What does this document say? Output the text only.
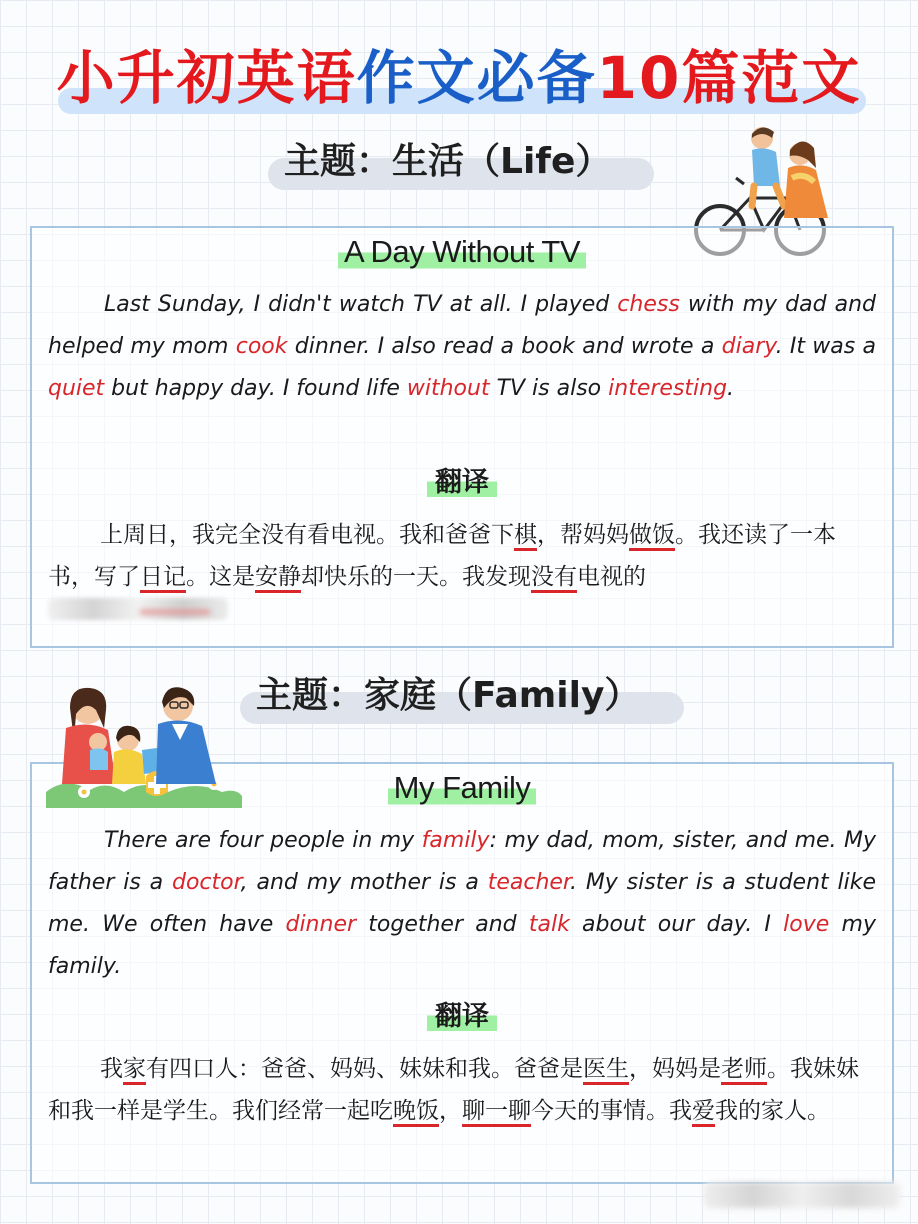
小升初英语作文必备10篇范文
主题：生活（Life）
A Day Without TV

Last Sunday, I didn't watch TV at all. I played chess with my dad and helped my mom cook dinner. I also read a book and wrote a diary. It was a quiet but happy day. I found life without TV is also interesting.

翻译

上周日，我完全没有看电视。我和爸爸下棋，帮妈妈做饭。我还读了一本书，写了日记。这是安静却快乐的一天。我发现没有电视的

主题：家庭（Family）
My Family

There are four people in my family: my dad, mom, sister, and me. My father is a doctor, and my mother is a teacher. My sister is a student like me. We often have dinner together and talk about our day. I love my family.

翻译

我家有四口人：爸爸、妈妈、妹妹和我。爸爸是医生，妈妈是老师。我妹妹和我一样是学生。我们经常一起吃晚饭，聊一聊今天的事情。我爱我的家人。
